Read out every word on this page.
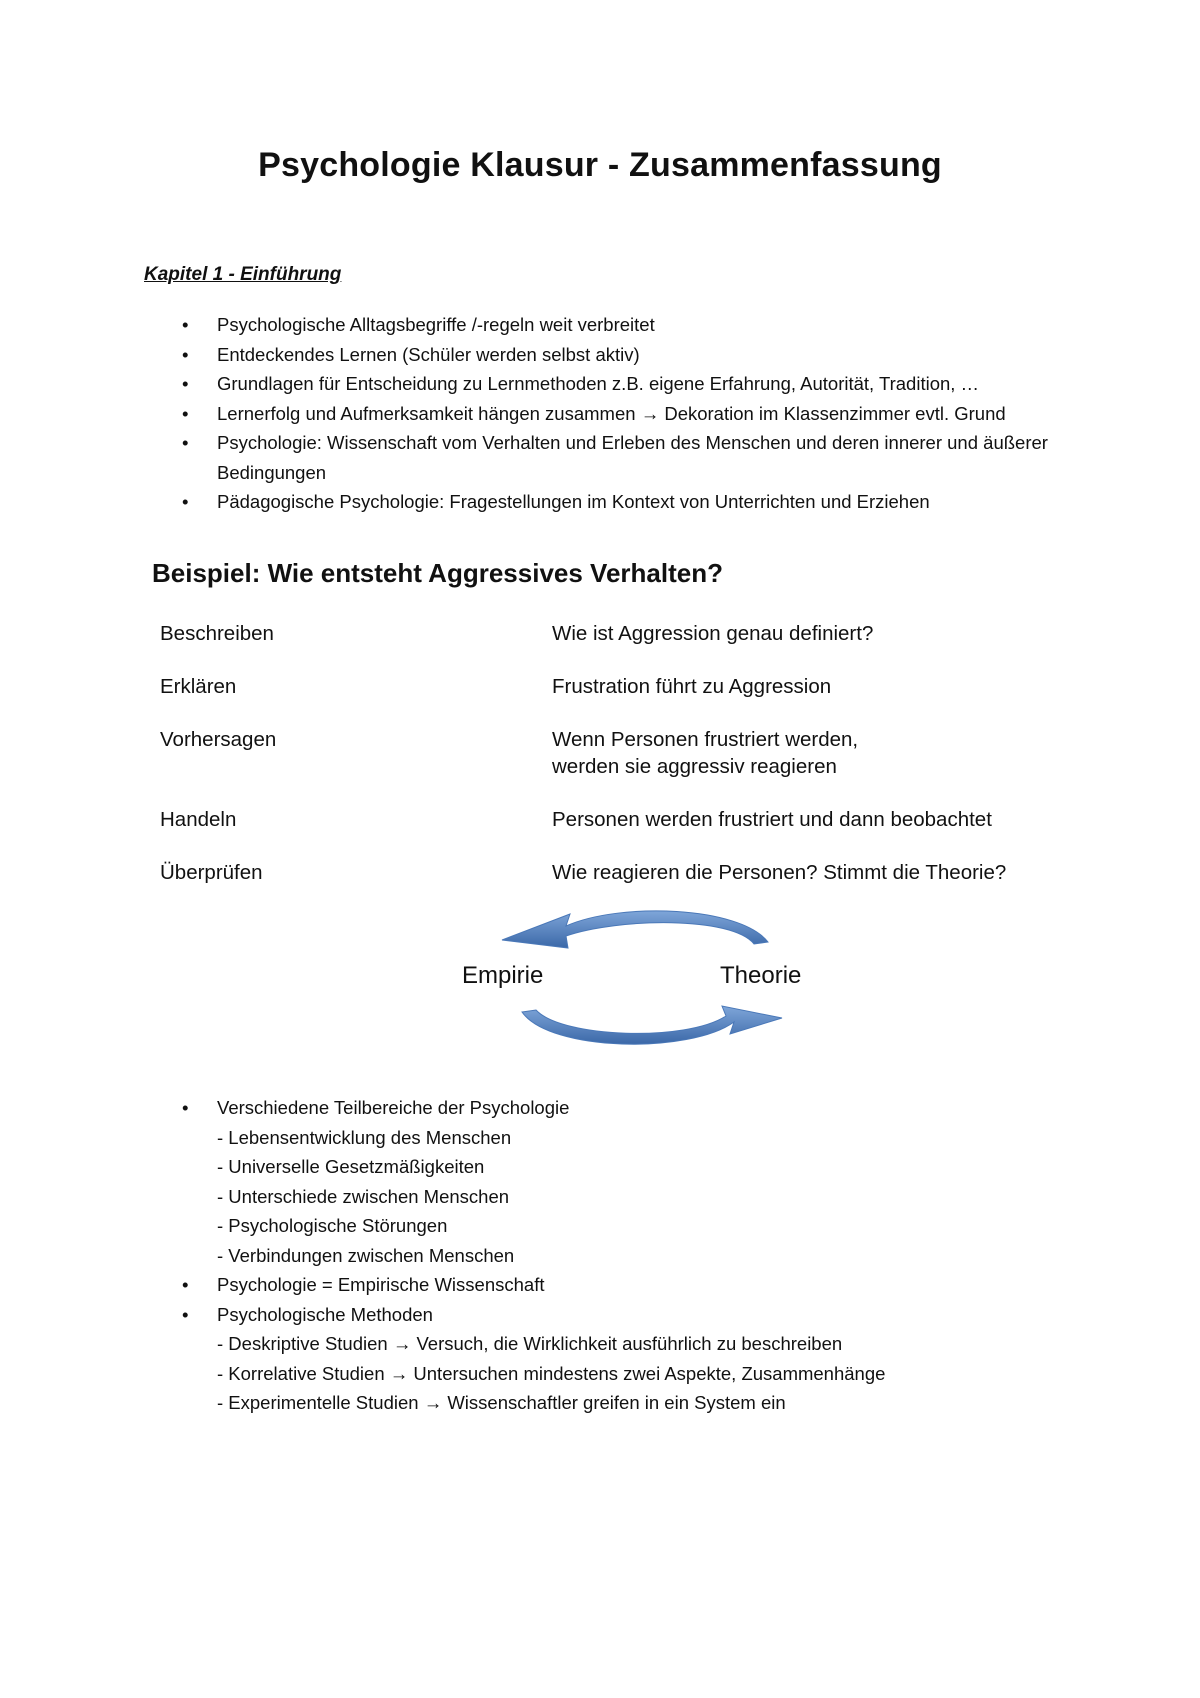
Psychologie Klausur - Zusammenfassung
Kapitel 1 - Einführung
• Psychologische Alltagsbegriffe /-regeln weit verbreitet
• Entdeckendes Lernen (Schüler werden selbst aktiv)
• Grundlagen für Entscheidung zu Lernmethoden z.B. eigene Erfahrung, Autorität, Tradition, …
• Lernerfolg und Aufmerksamkeit hängen zusammen → Dekoration im Klassenzimmer evtl. Grund
• Psychologie: Wissenschaft vom Verhalten und Erleben des Menschen und deren innerer und äußerer Bedingungen
• Pädagogische Psychologie: Fragestellungen im Kontext von Unterrichten und Erziehen
Beispiel: Wie entsteht Aggressives Verhalten?
Beschreiben	Wie ist Aggression genau definiert?

Erklären	Frustration führt zu Aggression

Vorhersagen	Wenn Personen frustriert werden,
werden sie aggressiv reagieren
Handeln	Personen werden frustriert und dann beobachtet

Überprüfen	Wie reagieren die Personen? Stimmt die Theorie?

Empirie	Theorie
• Verschiedene Teilbereiche der Psychologie
- Lebensentwicklung des Menschen
- Universelle Gesetzmäßigkeiten
- Unterschiede zwischen Menschen
- Psychologische Störungen
- Verbindungen zwischen Menschen
• Psychologie = Empirische Wissenschaft
• Psychologische Methoden
- Deskriptive Studien → Versuch, die Wirklichkeit ausführlich zu beschreiben
- Korrelative Studien → Untersuchen mindestens zwei Aspekte, Zusammenhänge
- Experimentelle Studien → Wissenschaftler greifen in ein System ein
